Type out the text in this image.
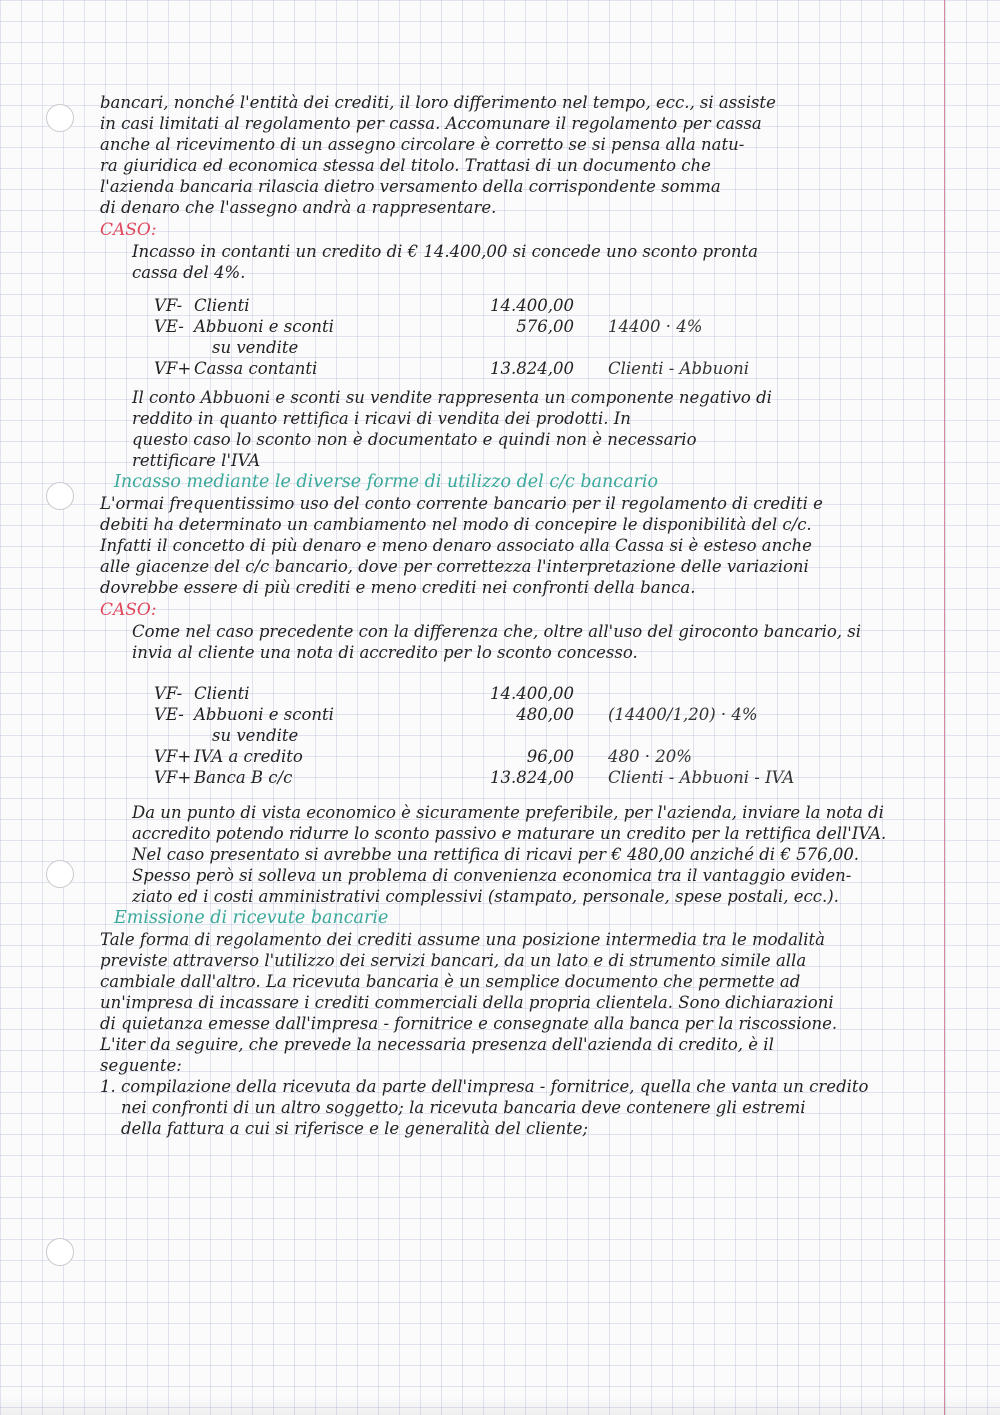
bancari, nonché l'entità dei crediti, il loro differimento nel tempo, ecc., si assiste
in casi limitati al regolamento per cassa. Accomunare il regolamento per cassa
anche al ricevimento di un assegno circolare è corretto se si pensa alla natu-
ra giuridica ed economica stessa del titolo. Trattasi di un documento che
l'azienda bancaria rilascia dietro versamento della corrispondente somma
di denaro che l'assegno andrà a rappresentare.
CASO:
Incasso in contanti un credito di € 14.400,00 si concede uno sconto pronta
cassa del 4%.
VF- Clienti	14.400,00
VE- Abbuoni e sconti	576,00	14400 · 4%
su vendite
VF+ Cassa contanti	13.824,00	Clienti - Abbuoni
Il conto Abbuoni e sconti su vendite rappresenta un componente negativo di
reddito in quanto rettifica i ricavi di vendita dei prodotti. In
questo caso lo sconto non è documentato e quindi non è necessario
rettificare l'IVA
Incasso mediante le diverse forme di utilizzo del c/c bancario
L'ormai frequentissimo uso del conto corrente bancario per il regolamento di crediti e
debiti ha determinato un cambiamento nel modo di concepire le disponibilità del c/c.
Infatti il concetto di più denaro e meno denaro associato alla Cassa si è esteso anche
alle giacenze del c/c bancario, dove per correttezza l'interpretazione delle variazioni
dovrebbe essere di più crediti e meno crediti nei confronti della banca.
CASO:
Come nel caso precedente con la differenza che, oltre all'uso del giroconto bancario, si
invia al cliente una nota di accredito per lo sconto concesso.
VF- Clienti	14.400,00
VE- Abbuoni e sconti	480,00	(14400/1,20) · 4%
su vendite
VF+ IVA a credito	96,00	480 · 20%
VF+ Banca B c/c	13.824,00	Clienti - Abbuoni - IVA
Da un punto di vista economico è sicuramente preferibile, per l'azienda, inviare la nota di
accredito potendo ridurre lo sconto passivo e maturare un credito per la rettifica dell'IVA.
Nel caso presentato si avrebbe una rettifica di ricavi per € 480,00 anziché di € 576,00.
Spesso però si solleva un problema di convenienza economica tra il vantaggio eviden-
ziato ed i costi amministrativi complessivi (stampato, personale, spese postali, ecc.).
Emissione di ricevute bancarie
Tale forma di regolamento dei crediti assume una posizione intermedia tra le modalità
previste attraverso l'utilizzo dei servizi bancari, da un lato e di strumento simile alla
cambiale dall'altro. La ricevuta bancaria è un semplice documento che permette ad
un'impresa di incassare i crediti commerciali della propria clientela. Sono dichiarazioni
di quietanza emesse dall'impresa - fornitrice e consegnate alla banca per la riscossione.
L'iter da seguire, che prevede la necessaria presenza dell'azienda di credito, è il
seguente:
1. compilazione della ricevuta da parte dell'impresa - fornitrice, quella che vanta un credito
nei confronti di un altro soggetto; la ricevuta bancaria deve contenere gli estremi
della fattura a cui si riferisce e le generalità del cliente;
